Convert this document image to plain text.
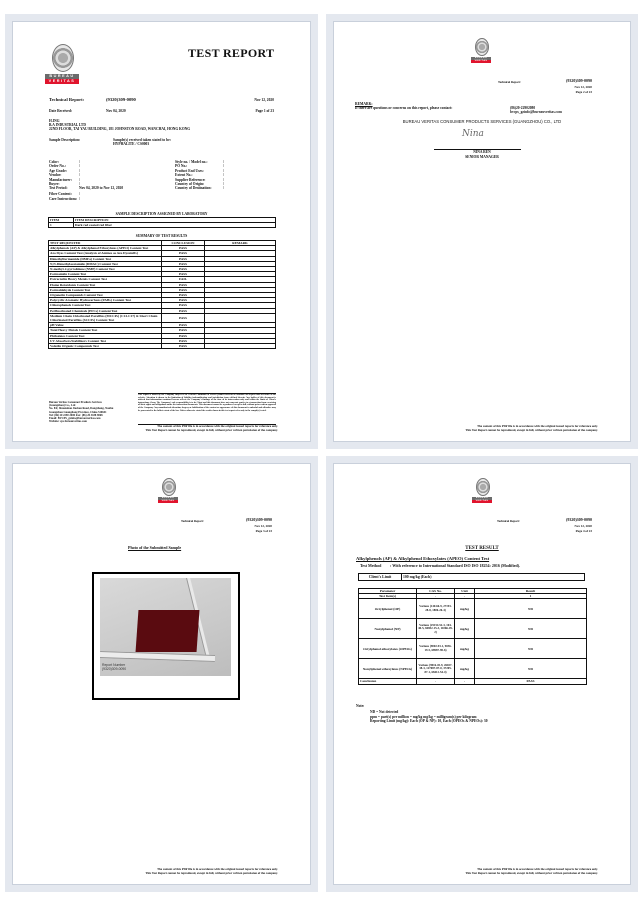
BUREAU
VERITAS
TEST REPORT
Technical Report:	(9320)309-0090	Nov 12, 2020
Date Received:	Nov 04, 2020	Page 1 of 23
H.ING
B.A INDUSTRIAL LTD
22ND FLOOR, TAI YAU BUILDING, 181 JOHNSTON ROAD, WANCHAI, HONG KONG
Sample Description:	Sample(s) received taken stated to be:
HYPHALITE / CS0003
Color:	/
Order No.:	/
Age Grade:	/
Vendor:	/
Manufacturer: /
Buyer:	/
Test Period:	Nov 04, 2020 to Nov 12, 2020
Fiber Content: /
Care Instructions: /
Style no. / Model no.:	/
PO No.:	/
Product End Uses:	/
Extent No.:	/
Supplier Reference:	/
Country of Origin:	/
Country of Destination:	/
SAMPLE DESCRIPTION ASSIGNED BY LABORATORY
ITEM	ITEM DESCRIPTION
1	Dark red coated red fiber
SUMMARY OF TEST RESULTS
TEST REQUESTED	CONCLUSION	REMARK
Alkylphenols (AP) & Alkylphenol Ethoxylates (APEO) Content Test	PASS	
Azo Dyes Content Test (Analysis of Amines as Azo Dyestuffs)	PASS	
Dimethylformamide (DMFa) Content Test	PASS	
N,N-Dimethylacetamide (DMAC) Content Test	PASS	
N-methyl-2-pyrrolidone (NMP) Content Test	PASS	
Formamide Content Test	PASS	
Extractable Heavy Metals Content Test	FAIL	
Flame Retardants Content Test	PASS	
Formaldehyde Content Test	PASS	
Organotin Compounds Content Test	PASS	
Polycyclic Aromatic Hydrocarbons (PAHs) Content Test	PASS	
Chlorophenols Content Test	PASS	
Perfluorinated Chemicals (PFCs) Content Test	PASS	
Medium Chain Chlorinated Paraffins (MCCPs) (C14-C17) & Short Chain Chlorinated Paraffins (SCCPs) Content Test	PASS	
pH Value	PASS	
Total Heavy Metals Content Test	PASS	
Phthalates Content Test	PASS	
UV Absorbers/Stabilizers Content Test	PASS	
Volatile Organic Compounds Test	PASS	
Bureau Veritas Consumer Products Services
(Guangzhou) Co., Ltd
No. 8/F, Shuanshan Jieshan Road, Dongzhang, Nanhu
Guangzhou Guangdong Province, China 510641
Tel: (86) 20 2290 2000 Fax: (86) 20 3188 9068
Email: BVCPS_gzinfo@bureauveritas.com
Website: cps.bureauveritas.com
This report is issued by the Company subject to its General Conditions of Service printed overleaf or available on request and accessible at the website. Attention is drawn to the limitation of liability, indemnification and jurisdiction issues defined therein. Any holder of this document is advised that information contained hereon reflects the Company's findings at the time of its intervention only and within the limits of Client's instructions, if any. The Company's sole responsibility is to its Client and this document does not exonerate parties to a transaction from exercising all their rights and obligations under the transaction documents. This document cannot be reproduced except in full, without prior written approval of the Company. Any unauthorized alteration, forgery or falsification of the content or appearance of this document is unlawful and offenders may be prosecuted to the fullest extent of the law. Unless otherwise stated the results shown in this test report refer only to the sample(s) tested.
The content of this PDF file is in accordance with the original issued reports for reference only.
This Test Report cannot be reproduced, except in full, without prior written permission of the company.
BUREAU
VERITAS
Technical Report:	(9320)309-0090
Nov 12, 2020
Page 2 of 23
REMARK:
If there are questions or concerns on this report, please contact:	(86)20-22902080
bvcps_gzinfo@bureauveritas.com
BUREAU VERITAS CONSUMER PRODUCTS SERVICES (GUANGZHOU) CO., LTD
Nina
NINA REN
SENIOR MANAGER
The content of this PDF file is in accordance with the original issued reports for reference only.
This Test Report cannot be reproduced, except in full, without prior written permission of the company.
BUREAU
VERITAS
Technical Report:	(9320)309-0090
Nov 12, 2020
Page 3 of 23
Photo of the Submitted Sample
Report Number
(9320)309-0090
The content of this PDF file is in accordance with the original issued reports for reference only.
This Test Report cannot be reproduced, except in full, without prior written permission of the company.
BUREAU
VERITAS
Technical Report:	(9320)309-0090
Nov 12, 2020
Page 4 of 23
TEST RESULT
Alkylphenols (AP) & Alkylphenol Ethoxylates (APEO) Content Test
Test Method : With reference to International Standard ISO ISO 18254: 2016 (Modified).
Client's Limit	100 mg/kg (Each)
Parameter	CAS No.	Unit	Result
Test Item(s)	-	-	1
Octylphenol (OP)	Various (140-66-9, 27193-28-8, 1806-26-4)	mg/kg	ND
Nonylphenol (NP)	Various (25154-52-3, 104-40-5, 84852-15-3, 11066-49-2)	mg/kg	ND
Octylphenol ethoxylates (OPEOs)	Various (9002-93-1, 9036-19-5, 68987-90-6)	mg/kg	ND
Nonylphenol ethoxylates (NPEOs)	Various (9016-45-9, 26027-38-3, 127087-87-0, 37205-87-1, 68412-54-4)	mg/kg	ND
Conclusion	-	-	PASS
Note:
ND = Not detected
ppm = part(s) per million = mg/kg mg/kg = milligram(s) per kilogram
Reporting Limit (mg/kg): Each (OP & NP): 10, Each (OPEOs & NPEOs): 30
The content of this PDF file is in accordance with the original issued reports for reference only.
This Test Report cannot be reproduced, except in full, without prior written permission of the company.
